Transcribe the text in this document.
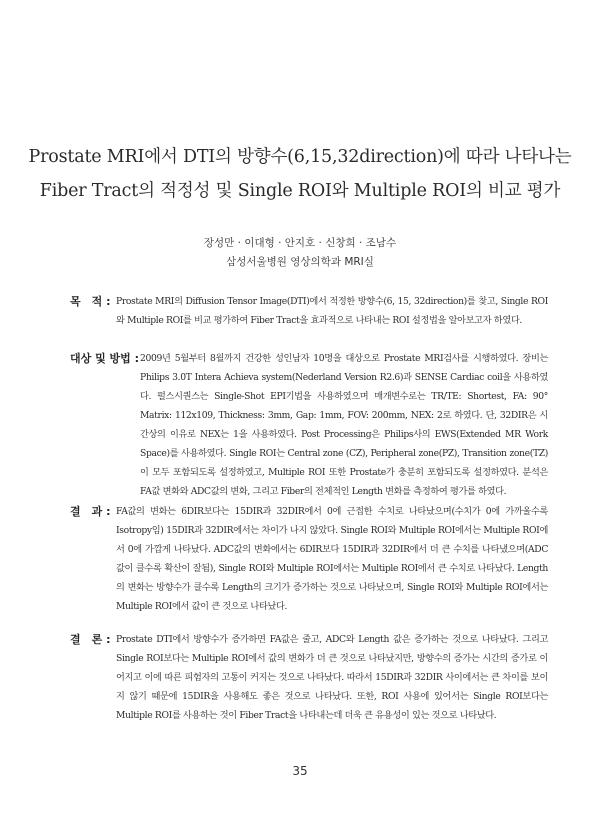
Prostate MRI에서 DTI의 방향수(6,15,32direction)에 따라 나타나는
Fiber Tract의 적정성 및 Single ROI와 Multiple ROI의 비교 평가
장성만 · 이대형 · 안지호 · 신창희 · 조남수
삼성서울병원 영상의학과 MRI실
목　적 : Prostate MRI의 Diffusion Tensor Image(DTI)에서 적정한 방향수(6, 15, 32direction)를 찾고, Single ROI와 Multiple ROI를 비교 평가하여 Fiber Tract을 효과적으로 나타내는 ROI 설정법을 알아보고자 하였다.
대상 및 방법 : 2009년 5월부터 8월까지 건강한 성인남자 10명을 대상으로 Prostate MRI검사를 시행하였다. 장비는 Philips 3.0T Intera Achieva system(Nederland Version R2.6)과 SENSE Cardiac coil을 사용하였다. 펄스시퀀스는 Single-Shot EPI기법을 사용하였으며 매개변수로는 TR/TE: Shortest, FA: 90° Matrix: 112x109, Thickness: 3mm, Gap: 1mm, FOV: 200mm, NEX: 2로 하였다. 단, 32DIR은 시간상의 이유로 NEX는 1을 사용하였다. Post Processing은 Philips사의 EWS(Extended MR Work Space)를 사용하였다. Single ROI는 Central zone (CZ), Peripheral zone(PZ), Transition zone(TZ)이 모두 포함되도록 설정하였고, Multiple ROI 또한 Prostate가 충분히 포함되도록 설정하였다. 분석은 FA값 변화와 ADC값의 변화, 그리고 Fiber의 전체적인 Length 변화를 측정하여 평가를 하였다.
결　과 : FA값의 변화는 6DIR보다는 15DIR과 32DIR에서 0에 근접한 수치로 나타났으며(수치가 0에 가까울수록 Isotropy임) 15DIR과 32DIR에서는 차이가 나지 않았다. Single ROI와 Multiple ROI에서는 Multiple ROI에서 0에 가깝게 나타났다. ADC값의 변화에서는 6DIR보다 15DIR과 32DIR에서 더 큰 수치를 나타냈으며(ADC값이 클수록 확산이 잘됨), Single ROI와 Multiple ROI에서는 Multiple ROI에서 큰 수치로 나타났다. Length의 변화는 방향수가 클수록 Length의 크기가 증가하는 것으로 나타났으며, Single ROI와 Multiple ROI에서는 Multiple ROI에서 값이 큰 것으로 나타났다.
결　론 : Prostate DTI에서 방향수가 증가하면 FA값은 줄고, ADC와 Length 값은 증가하는 것으로 나타났다. 그리고 Single ROI보다는 Multiple ROI에서 값의 변화가 더 큰 것으로 나타났지만, 방향수의 증가는 시간의 증가로 이어지고 이에 따른 피험자의 고통이 커지는 것으로 나타났다. 따라서 15DIR과 32DIR 사이에서는 큰 차이를 보이지 않기 때문에 15DIR을 사용해도 좋은 것으로 나타났다. 또한, ROI 사용에 있어서는 Single ROI보다는 Multiple ROI를 사용하는 것이 Fiber Tract을 나타내는데 더욱 큰 유용성이 있는 것으로 나타났다.
35
